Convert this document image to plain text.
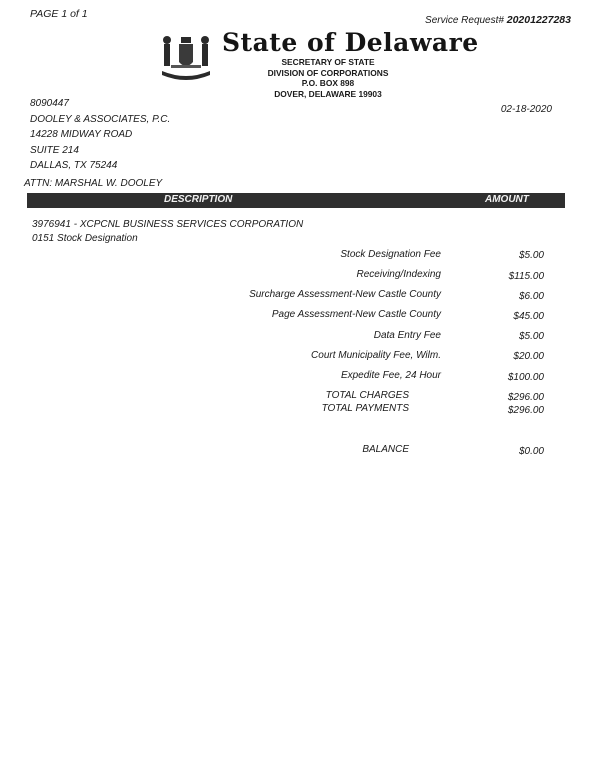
PAGE 1 of 1
Service Request# 20201227283
State of Delaware
SECRETARY OF STATE
DIVISION OF CORPORATIONS
P.O. BOX 898
DOVER, DELAWARE 19903
8090447
DOOLEY & ASSOCIATES, P.C.
14228 MIDWAY ROAD
SUITE 214
DALLAS, TX 75244
02-18-2020
ATTN: MARSHAL W. DOOLEY
DESCRIPTION	AMOUNT
3976941 - XCPCNL BUSINESS SERVICES CORPORATION
0151 Stock Designation
Stock Designation Fee	$5.00
Receiving/Indexing	$115.00
Surcharge Assessment-New Castle County	$6.00
Page Assessment-New Castle County	$45.00
Data Entry Fee	$5.00
Court Municipality Fee, Wilm.	$20.00
Expedite Fee, 24 Hour	$100.00
TOTAL CHARGES	$296.00
TOTAL PAYMENTS	$296.00
BALANCE	$0.00
